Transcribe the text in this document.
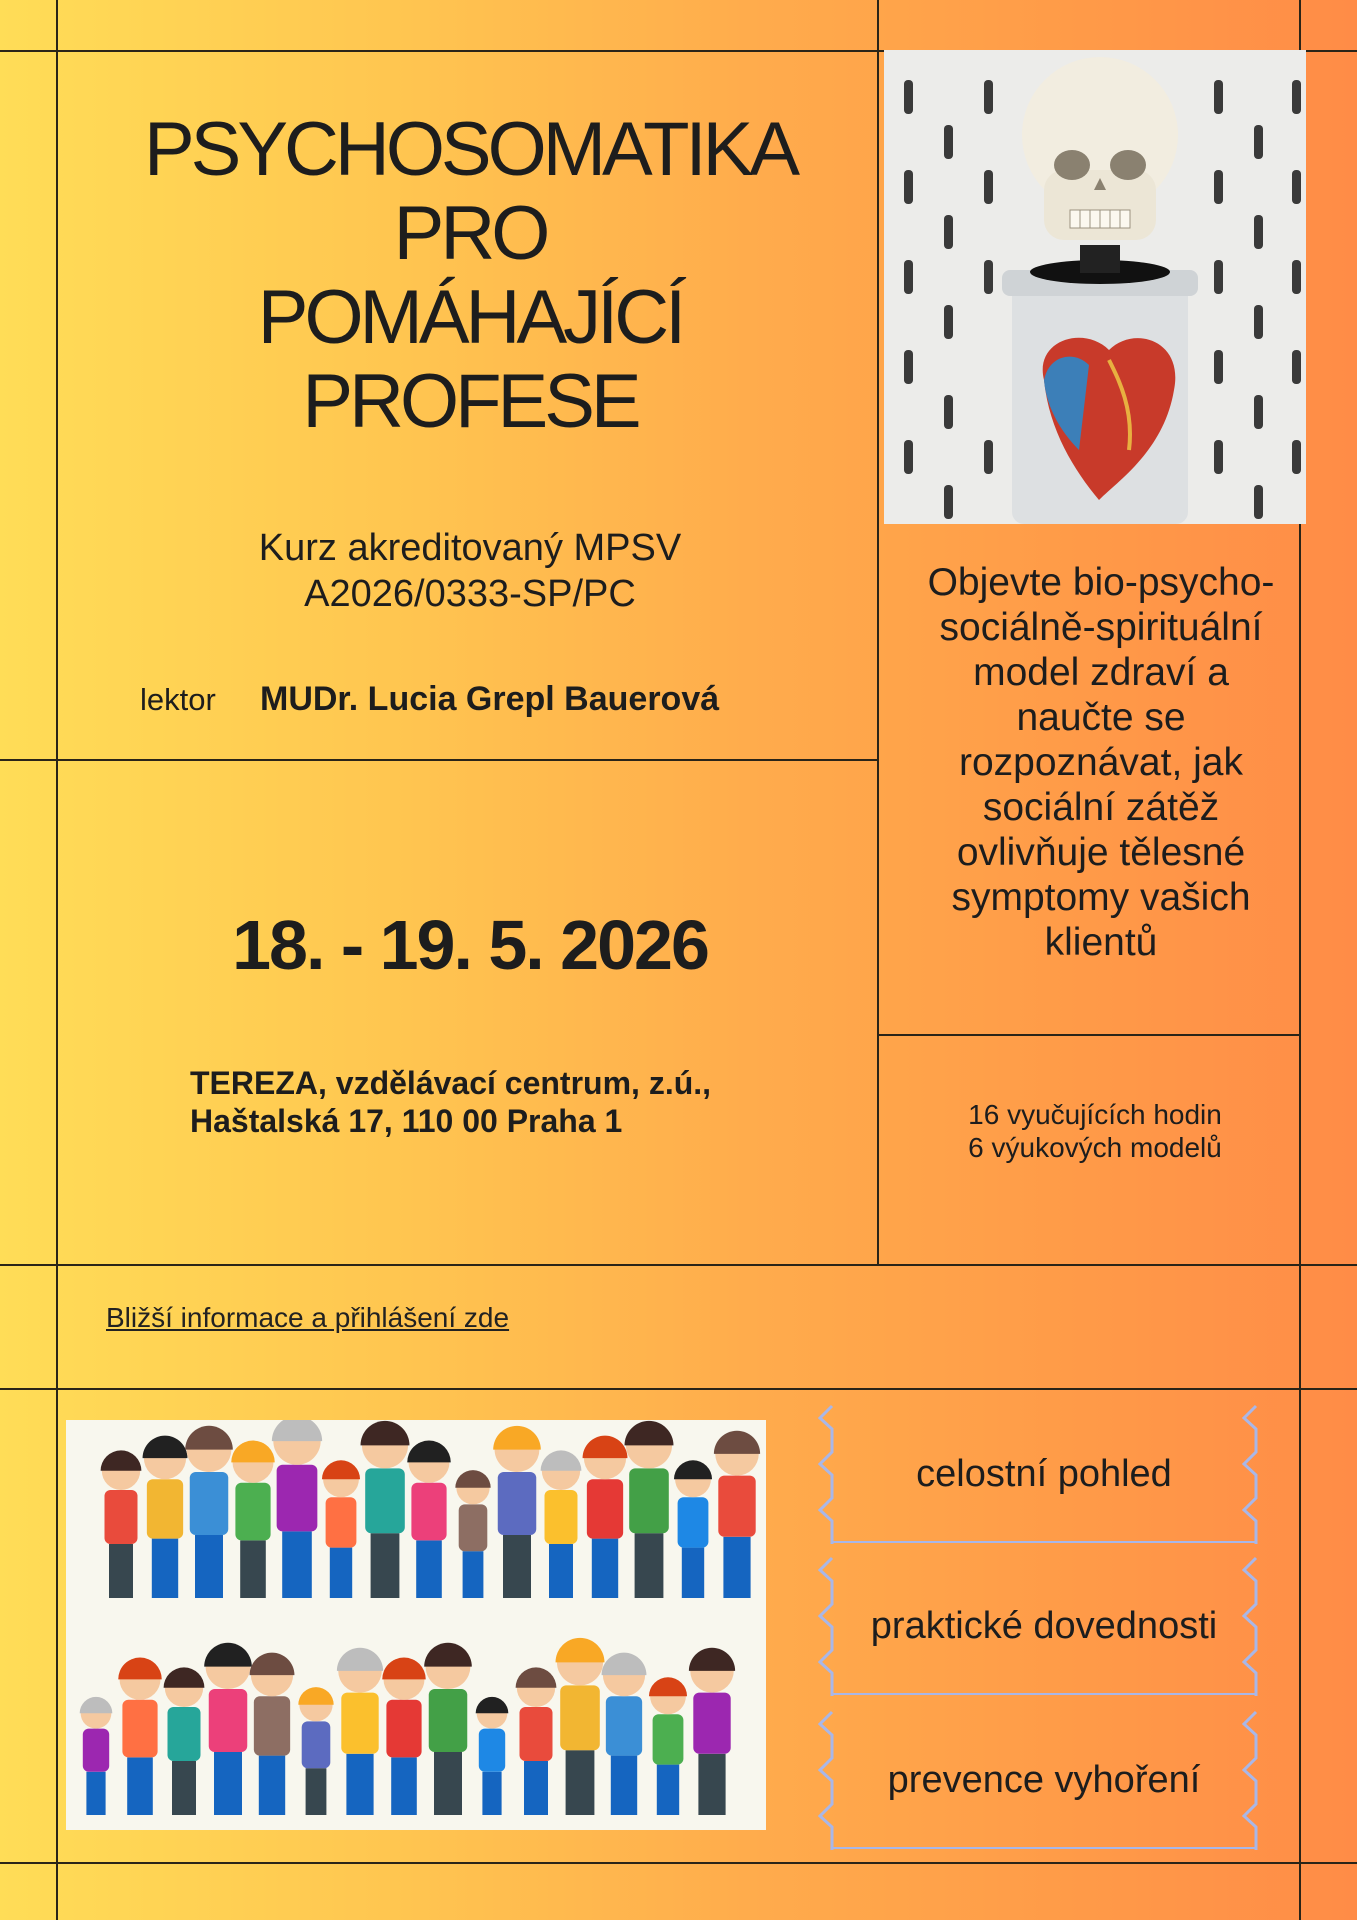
PSYCHOSOMATIKA
PRO
POMÁHAJÍCÍ
PROFESE
Kurz akreditovaný MPSV
A2026/0333-SP/PC
lektor MUDr. Lucia Grepl Bauerová
18. - 19. 5. 2026
TEREZA, vzdělávací centrum, z.ú.,
Haštalská 17, 110 00 Praha 1
Objevte bio-psycho-
sociálně-spirituální
model zdraví a
naučte se
rozpoznávat, jak
sociální zátěž
ovlivňuje tělesné
symptomy vašich
klientů
16 vyučujících hodin
6 výukových modelů
Bližší informace a přihlášení zde
celostní pohled
praktické dovednosti
prevence vyhoření
